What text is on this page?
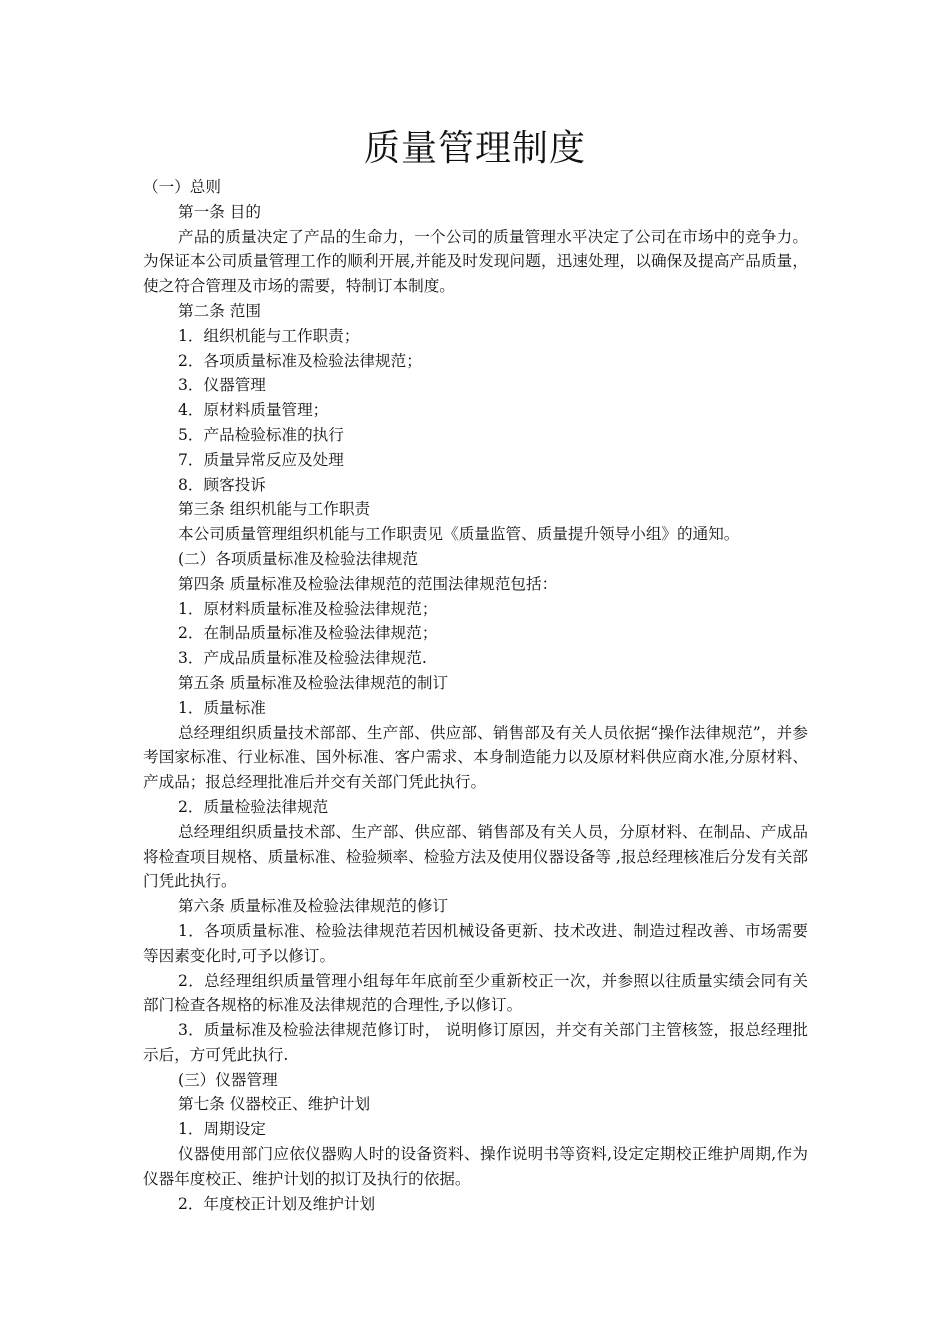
质量管理制度

（一）总则

第一条 目的

产品的质量决定了产品的生命力，一个公司的质量管理水平决定了公司在市场中的竞争力。为保证本公司质量管理工作的顺利开展,并能及时发现问题，迅速处理，以确保及提高产品质量，使之符合管理及市场的需要，特制订本制度。

第二条 范围

1．组织机能与工作职责；

2．各项质量标准及检验法律规范；

3．仪器管理

4．原材料质量管理；

5．产品检验标准的执行

7．质量异常反应及处理

8．顾客投诉

第三条 组织机能与工作职责

本公司质量管理组织机能与工作职责见《质量监管、质量提升领导小组》的通知。

(二）各项质量标准及检验法律规范

第四条 质量标准及检验法律规范的范围法律规范包括：

1．原材料质量标准及检验法律规范；

2．在制品质量标准及检验法律规范；

3．产成品质量标准及检验法律规范.

第五条 质量标准及检验法律规范的制订

1．质量标准

总经理组织质量技术部部、生产部、供应部、销售部及有关人员依据“操作法律规范”，并参考国家标准、行业标准、国外标准、客户需求、本身制造能力以及原材料供应商水准,分原材料、产成品；报总经理批准后并交有关部门凭此执行。

2．质量检验法律规范

总经理组织质量技术部、生产部、供应部、销售部及有关人员，分原材料、在制品、产成品将检查项目规格、质量标准、检验频率、检验方法及使用仪器设备等 ,报总经理核准后分发有关部门凭此执行。

第六条 质量标准及检验法律规范的修订

1．各项质量标准、检验法律规范若因机械设备更新、技术改进、制造过程改善、市场需要等因素变化时,可予以修订。

2．总经理组织质量管理小组每年年底前至少重新校正一次，并参照以往质量实绩会同有关部门检查各规格的标准及法律规范的合理性,予以修订。

3．质量标准及检验法律规范修订时， 说明修订原因，并交有关部门主管核签，报总经理批示后，方可凭此执行.

(三）仪器管理

第七条 仪器校正、维护计划

1．周期设定

仪器使用部门应依仪器购人时的设备资料、操作说明书等资料,设定定期校正维护周期,作为仪器年度校正、维护计划的拟订及执行的依据。

2．年度校正计划及维护计划
